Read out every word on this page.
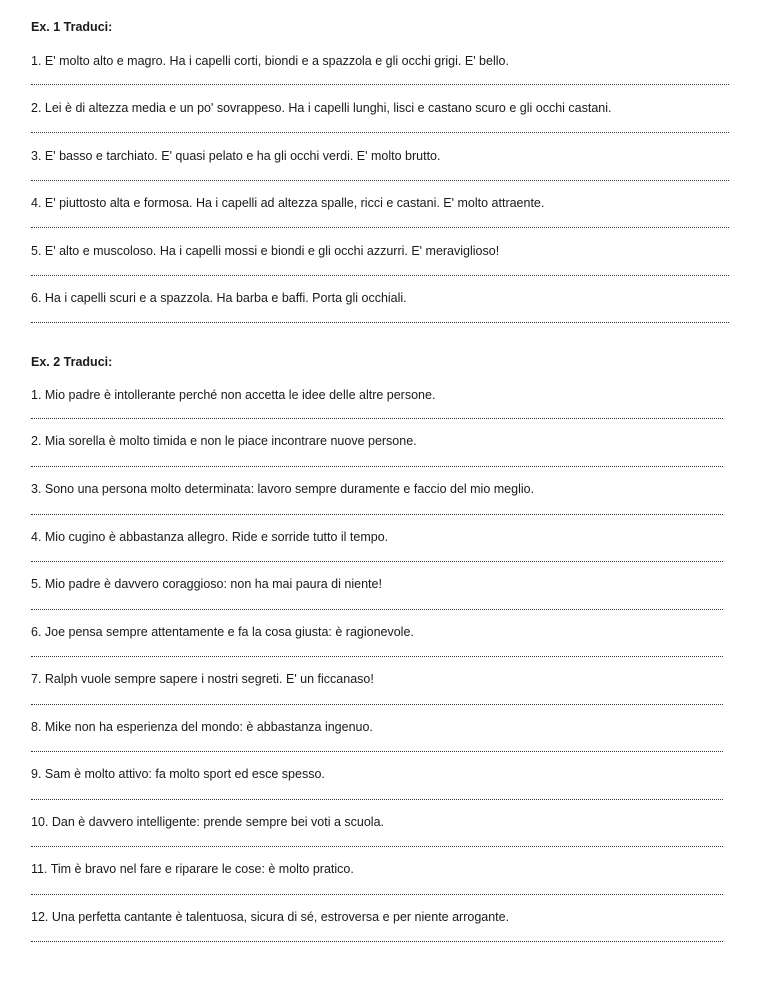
Ex. 1 Traduci:
1. E' molto alto e magro. Ha i capelli corti, biondi e a spazzola e gli occhi grigi. E' bello.
2. Lei è di altezza media e un po' sovrappeso. Ha i capelli lunghi, lisci e castano scuro e gli occhi castani.
3. E' basso e tarchiato. E' quasi pelato e ha gli occhi verdi. E' molto brutto.
4. E' piuttosto alta e formosa. Ha i capelli ad altezza spalle, ricci e castani. E' molto attraente.
5. E' alto e muscoloso. Ha i capelli mossi e biondi e gli occhi azzurri. E' meraviglioso!
6. Ha i capelli scuri e a spazzola. Ha barba e baffi. Porta gli occhiali.
Ex. 2 Traduci:
1. Mio padre è intollerante perché non accetta le idee delle altre persone.
2. Mia sorella è molto timida e non le piace incontrare nuove persone.
3. Sono una persona molto determinata: lavoro sempre duramente e faccio del mio meglio.
4. Mio cugino è abbastanza allegro. Ride e sorride tutto il tempo.
5. Mio padre è davvero coraggioso: non ha mai paura di niente!
6. Joe pensa sempre attentamente e fa la cosa giusta: è ragionevole.
7. Ralph vuole sempre sapere i nostri segreti. E' un ficcanaso!
8. Mike non ha esperienza del mondo: è abbastanza ingenuo.
9. Sam è molto attivo: fa molto sport ed esce spesso.
10. Dan è davvero intelligente: prende sempre bei voti a scuola.
11. Tim è bravo nel fare e riparare le cose: è molto pratico.
12. Una perfetta cantante è talentuosa, sicura di sé, estroversa e per niente arrogante.
